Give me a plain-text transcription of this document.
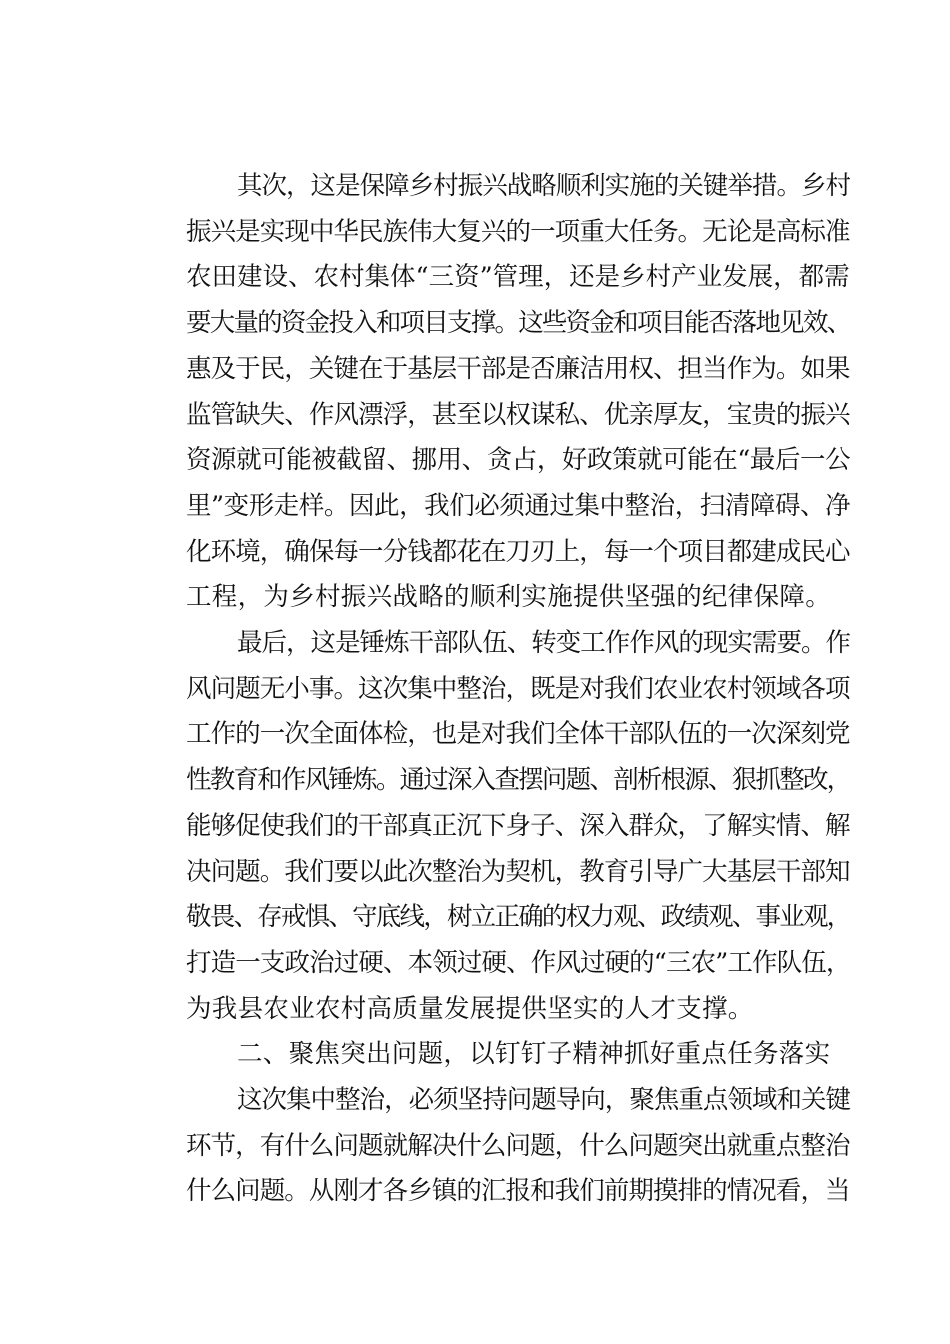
其次，这是保障乡村振兴战略顺利实施的关键举措。乡村
振兴是实现中华民族伟大复兴的一项重大任务。无论是高标准
农田建设、农村集体“三资”管理，还是乡村产业发展，都需
要大量的资金投入和项目支撑。这些资金和项目能否落地见效、
惠及于民，关键在于基层干部是否廉洁用权、担当作为。如果
监管缺失、作风漂浮，甚至以权谋私、优亲厚友，宝贵的振兴
资源就可能被截留、挪用、贪占，好政策就可能在“最后一公
里”变形走样。因此，我们必须通过集中整治，扫清障碍、净
化环境，确保每一分钱都花在刀刃上，每一个项目都建成民心
工程，为乡村振兴战略的顺利实施提供坚强的纪律保障。

最后，这是锤炼干部队伍、转变工作作风的现实需要。作
风问题无小事。这次集中整治，既是对我们农业农村领域各项
工作的一次全面体检，也是对我们全体干部队伍的一次深刻党
性教育和作风锤炼。通过深入查摆问题、剖析根源、狠抓整改，
能够促使我们的干部真正沉下身子、深入群众，了解实情、解
决问题。我们要以此次整治为契机，教育引导广大基层干部知
敬畏、存戒惧、守底线，树立正确的权力观、政绩观、事业观，
打造一支政治过硬、本领过硬、作风过硬的“三农”工作队伍，
为我县农业农村高质量发展提供坚实的人才支撑。

二、聚焦突出问题，以钉钉子精神抓好重点任务落实

这次集中整治，必须坚持问题导向，聚焦重点领域和关键
环节，有什么问题就解决什么问题，什么问题突出就重点整治
什么问题。从刚才各乡镇的汇报和我们前期摸排的情况看，当
